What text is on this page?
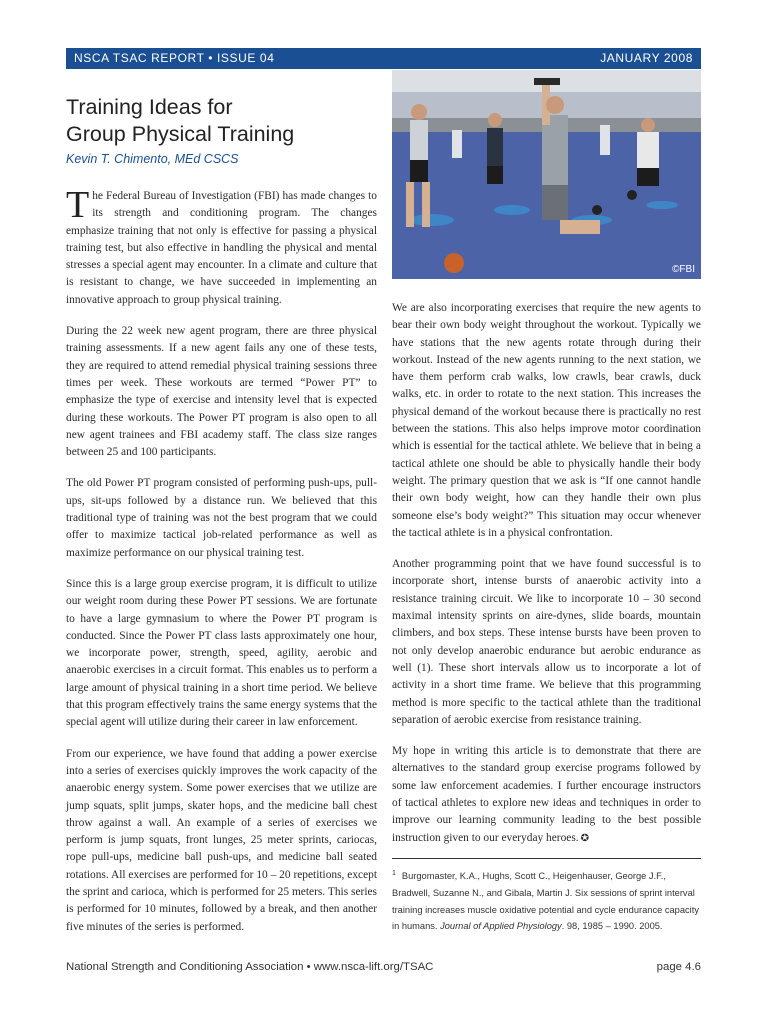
NSCA TSAC REPORT • ISSUE 04	JANUARY 2008
Training Ideas for
Group Physical Training
Kevin T. Chimento, MEd CSCS

The Federal Bureau of Investigation (FBI) has made changes to its strength and conditioning program. The changes emphasize training that not only is effective for passing a physical training test, but also effective in handling the physical and mental stresses a special agent may encounter. In a climate and culture that is resistant to change, we have succeeded in implementing an innovative approach to group physical training.

During the 22 week new agent program, there are three physical training assessments. If a new agent fails any one of these tests, they are required to attend remedial physical training sessions three times per week. These workouts are termed “Power PT” to emphasize the type of exercise and intensity level that is expected during these workouts. The Power PT program is also open to all new agent trainees and FBI academy staff. The class size ranges between 25 and 100 participants.

The old Power PT program consisted of performing push-ups, pull-ups, sit-ups followed by a distance run. We believed that this traditional type of training was not the best program that we could offer to maximize tactical job-related performance as well as maximize performance on our physical training test.

Since this is a large group exercise program, it is difficult to utilize our weight room during these Power PT sessions. We are fortunate to have a large gymnasium to where the Power PT program is conducted. Since the Power PT class lasts approximately one hour, we incorporate power, strength, speed, agility, aerobic and anaerobic exercises in a circuit format. This enables us to perform a large amount of physical training in a short time period. We believe that this program effectively trains the same energy systems that the special agent will utilize during their career in law enforcement.

From our experience, we have found that adding a power exercise into a series of exercises quickly improves the work capacity of the anaerobic energy system. Some power exercises that we utilize are jump squats, split jumps, skater hops, and the medicine ball chest throw against a wall. An example of a series of exercises we perform is jump squats, front lunges, 25 meter sprints, cariocas, rope pull-ups, medicine ball push-ups, and medicine ball seated rotations. All exercises are performed for 10 – 20 repetitions, except the sprint and carioca, which is performed for 25 meters. This series is performed for 10 minutes, followed by a break, and then another five minutes of the series is performed.

©FBI

We are also incorporating exercises that require the new agents to bear their own body weight throughout the workout. Typically we have stations that the new agents rotate through during their workout. Instead of the new agents running to the next station, we have them perform crab walks, low crawls, bear crawls, duck walks, etc. in order to rotate to the next station. This increases the physical demand of the workout because there is practically no rest between the stations. This also helps improve motor coordination which is essential for the tactical athlete. We believe that in being a tactical athlete one should be able to physically handle their body weight. The primary question that we ask is “If one cannot handle their own body weight, how can they handle their own plus someone else’s body weight?” This situation may occur whenever the tactical athlete is in a physical confrontation.

Another programming point that we have found successful is to incorporate short, intense bursts of anaerobic activity into a resistance training circuit. We like to incorporate 10 – 30 second maximal intensity sprints on aire-dynes, slide boards, mountain climbers, and box steps. These intense bursts have been proven to not only develop anaerobic endurance but aerobic endurance as well (1). These short intervals allow us to incorporate a lot of activity in a short time frame. We believe that this programming method is more specific to the tactical athlete than the traditional separation of aerobic exercise from resistance training.

My hope in writing this article is to demonstrate that there are alternatives to the standard group exercise programs followed by some law enforcement academies. I further encourage instructors of tactical athletes to explore new ideas and techniques in order to improve our learning community leading to the best possible instruction given to our everyday heroes. ✪

$^1$ Burgomaster, K.A., Hughs, Scott C., Heigenhauser, George J.F., Bradwell, Suzanne N., and Gibala, Martin J. Six sessions of sprint interval training increases muscle oxidative potential and cycle endurance capacity in humans. Journal of Applied Physiology. 98, 1985 – 1990. 2005.
National Strength and Conditioning Association • www.nsca-lift.org/TSAC	page 4.6
